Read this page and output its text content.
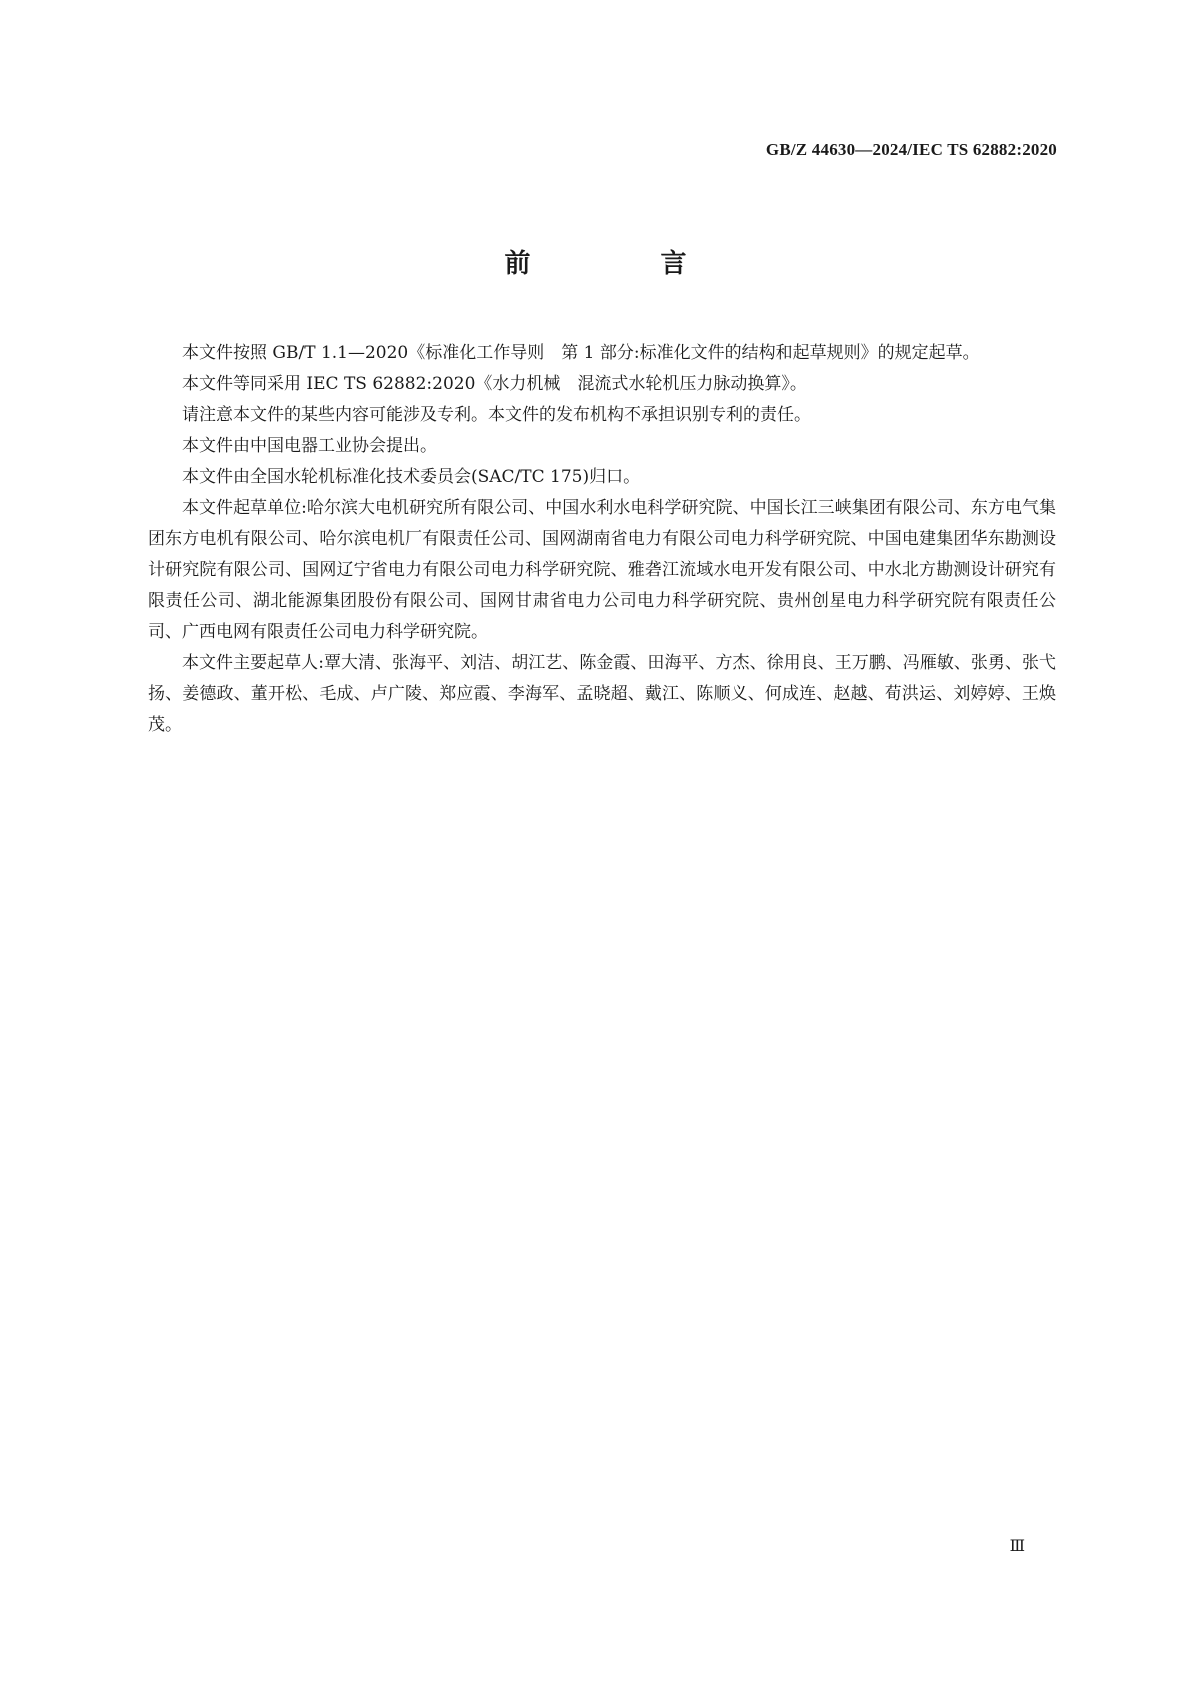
GB/Z 44630—2024/IEC TS 62882:2020
前　言

本文件按照 GB/T 1.1—2020《标准化工作导则　第 1 部分:标准化文件的结构和起草规则》的规定起草。

本文件等同采用 IEC TS 62882:2020《水力机械　混流式水轮机压力脉动换算》。

请注意本文件的某些内容可能涉及专利。本文件的发布机构不承担识别专利的责任。

本文件由中国电器工业协会提出。

本文件由全国水轮机标准化技术委员会(SAC/TC 175)归口。

本文件起草单位:哈尔滨大电机研究所有限公司、中国水利水电科学研究院、中国长江三峡集团有限公司、东方电气集团东方电机有限公司、哈尔滨电机厂有限责任公司、国网湖南省电力有限公司电力科学研究院、中国电建集团华东勘测设计研究院有限公司、国网辽宁省电力有限公司电力科学研究院、雅砻江流域水电开发有限公司、中水北方勘测设计研究有限责任公司、湖北能源集团股份有限公司、国网甘肃省电力公司电力科学研究院、贵州创星电力科学研究院有限责任公司、广西电网有限责任公司电力科学研究院。

本文件主要起草人:覃大清、张海平、刘洁、胡江艺、陈金霞、田海平、方杰、徐用良、王万鹏、冯雁敏、张勇、张弋扬、姜德政、董开松、毛成、卢广陵、郑应霞、李海军、孟晓超、戴江、陈顺义、何成连、赵越、荀洪运、刘婷婷、王焕茂。

Ⅲ
